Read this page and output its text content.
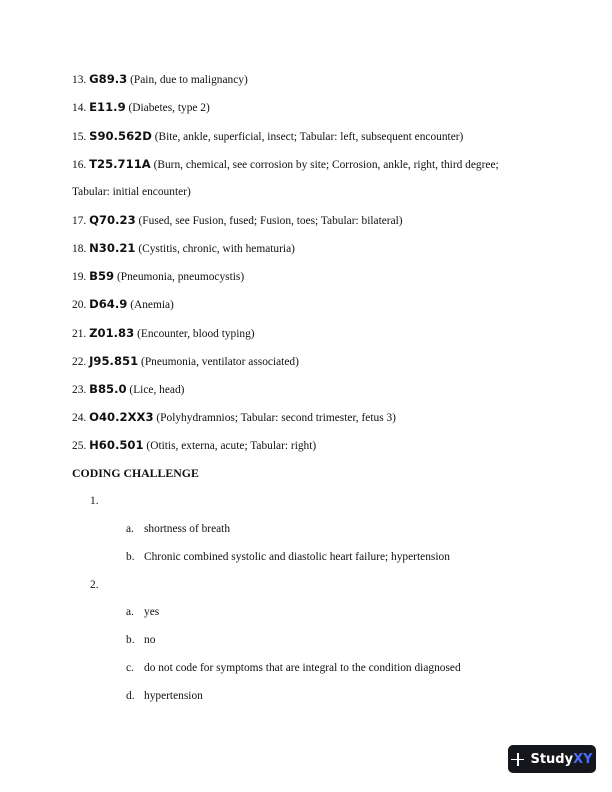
13. G89.3 (Pain, due to malignancy)
14. E11.9 (Diabetes, type 2)
15. S90.562D (Bite, ankle, superficial, insect; Tabular: left, subsequent encounter)
16. T25.711A (Burn, chemical, see corrosion by site; Corrosion, ankle, right, third degree;
Tabular: initial encounter)
17. Q70.23 (Fused, see Fusion, fused; Fusion, toes; Tabular: bilateral)
18. N30.21 (Cystitis, chronic, with hematuria)
19. B59 (Pneumonia, pneumocystis)
20. D64.9 (Anemia)
21. Z01.83 (Encounter, blood typing)
22. J95.851 (Pneumonia, ventilator associated)
23. B85.0 (Lice, head)
24. O40.2XX3 (Polyhydramnios; Tabular: second trimester, fetus 3)
25. H60.501 (Otitis, externa, acute; Tabular: right)
CODING CHALLENGE
1.
a. shortness of breath
b. Chronic combined systolic and diastolic heart failure; hypertension
2.
a. yes
b. no
c. do not code for symptoms that are integral to the condition diagnosed
d. hypertension
Study XY
